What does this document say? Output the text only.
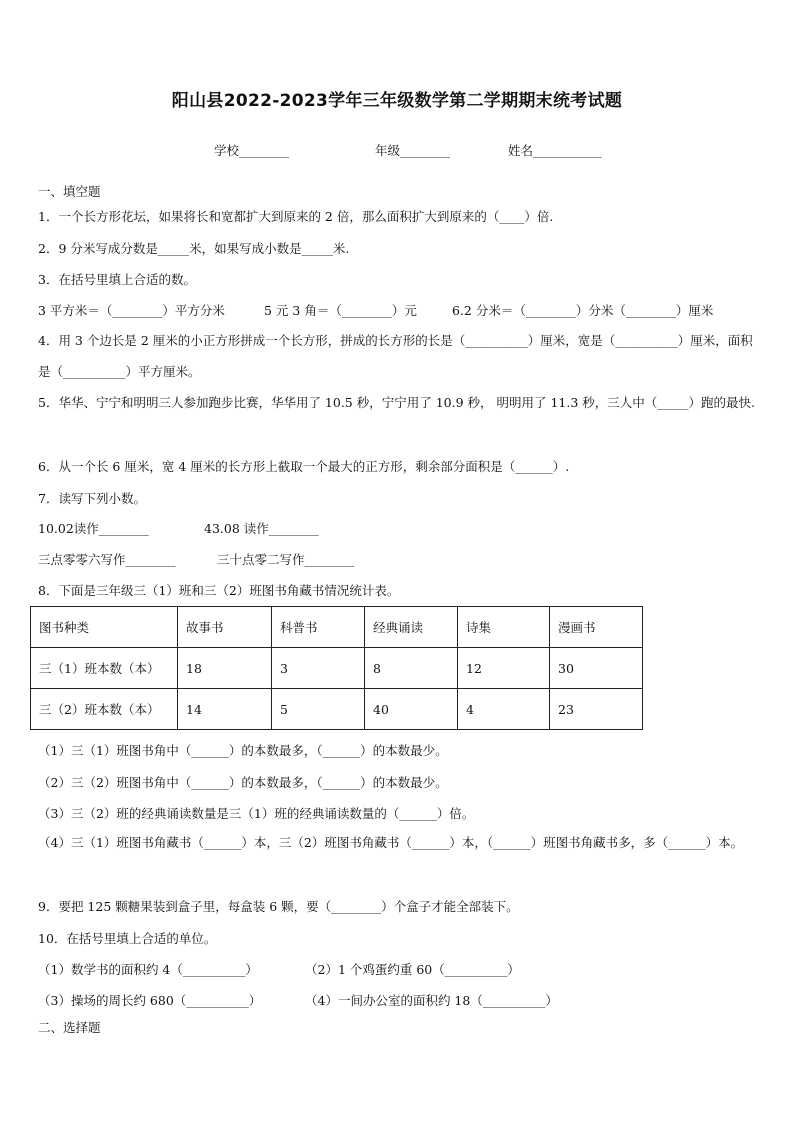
阳山县2022-2023学年三年级数学第二学期期末统考试题
学校________	年级________	姓名___________
一、填空题
1．一个长方形花坛，如果将长和宽都扩大到原来的 2 倍，那么面积扩大到原来的（____）倍.
2．9 分米写成分数是_____米，如果写成小数是_____米.
3．在括号里填上合适的数。
3 平方米＝（________）平方分米	5 元 3 角＝（________）元	6.2 分米＝（________）分米（________）厘米
4．用 3 个边长是 2 厘米的小正方形拼成一个长方形，拼成的长方形的长是（__________）厘米，宽是（__________）厘米，面积是（__________）平方厘米。
5．华华、宁宁和明明三人参加跑步比赛，华华用了 10.5 秒，宁宁用了 10.9 秒， 明明用了 11.3 秒，三人中（_____）跑的最快.
6．从一个长 6 厘米，宽 4 厘米的长方形上截取一个最大的正方形，剩余部分面积是（______）.
7．读写下列小数。
10.02读作________	43.08 读作________
三点零零六写作________	三十点零二写作________
8．下面是三年级三（1）班和三（2）班图书角藏书情况统计表。
图书种类	故事书	科普书	经典诵读	诗集	漫画书
三（1）班本数（本）	18	3	8	12	30
三（2）班本数（本）	14	5	40	4	23
（1）三（1）班图书角中（______）的本数最多，（______）的本数最少。
（2）三（2）班图书角中（______）的本数最多，（______）的本数最少。
（3）三（2）班的经典诵读数量是三（1）班的经典诵读数量的（______）倍。
（4）三（1）班图书角藏书（______）本，三（2）班图书角藏书（______）本，（______）班图书角藏书多，多（______）本。
9．要把 125 颗糖果装到盒子里，每盒装 6 颗，要（________）个盒子才能全部装下。
10．在括号里填上合适的单位。
（1）数学书的面积约 4（__________）	（2）1 个鸡蛋约重 60（__________）
（3）操场的周长约 680（__________）	（4）一间办公室的面积约 18（__________）
二、选择题
